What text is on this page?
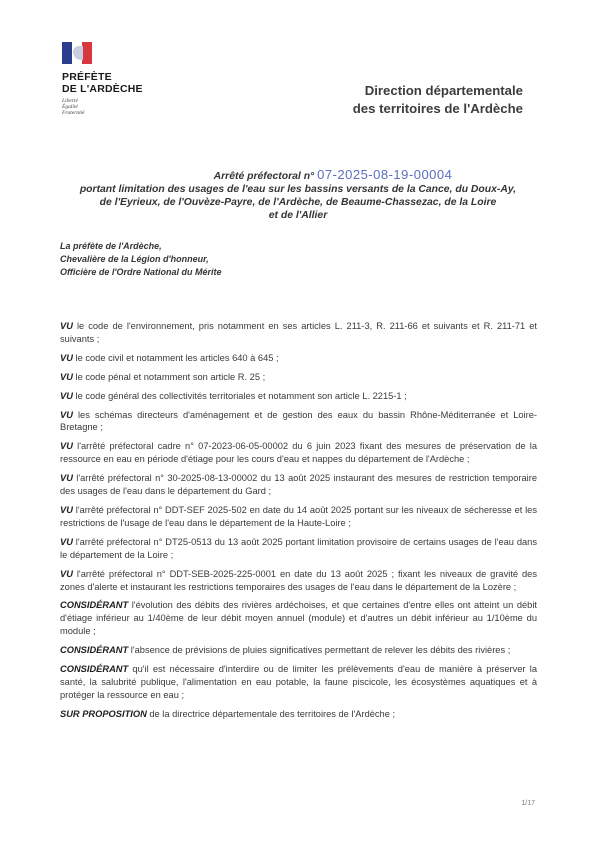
PRÉFÈTE
DE L'ARDÈCHE
Liberté
Égalité
Fraternité
Direction départementale
des territoires de l'Ardèche
Arrêté préfectoral n° 07-2025-08-19-00004
portant limitation des usages de l'eau sur les bassins versants de la Cance, du Doux-Ay,
de l'Eyrieux, de l'Ouvèze-Payre, de l'Ardèche, de Beaume-Chassezac, de la Loire
et de l'Allier
La préfète de l'Ardèche,
Chevalière de la Légion d'honneur,
Officière de l'Ordre National du Mérite

VU le code de l'environnement, pris notamment en ses articles L. 211-3, R. 211-66 et suivants et R. 211-71 et suivants ;

VU le code civil et notamment les articles 640 à 645 ;

VU le code pénal et notamment son article R. 25 ;

VU le code général des collectivités territoriales et notamment son article L. 2215-1 ;

VU les schémas directeurs d'aménagement et de gestion des eaux du bassin Rhône-Méditerranée et Loire-Bretagne ;

VU l'arrêté préfectoral cadre n° 07-2023-06-05-00002 du 6 juin 2023 fixant des mesures de préservation de la ressource en eau en période d'étiage pour les cours d'eau et nappes du département de l'Ardèche ;

VU l'arrêté préfectoral n° 30-2025-08-13-00002 du 13 août 2025 instaurant des mesures de restriction temporaire des usages de l'eau dans le département du Gard ;

VU l'arrêté préfectoral n° DDT-SEF 2025-502 en date du 14 août 2025 portant sur les niveaux de sécheresse et les restrictions de l'usage de l'eau dans le département de la Haute-Loire ;

VU l'arrêté préfectoral n° DT25-0513 du 13 août 2025 portant limitation provisoire de certains usages de l'eau dans le département de la Loire ;

VU l'arrêté préfectoral n° DDT-SEB-2025-225-0001 en date du 13 août 2025 ; fixant les niveaux de gravité des zones d'alerte et instaurant les restrictions temporaires des usages de l'eau dans le département de la Lozère ;

CONSIDÉRANT l'évolution des débits des rivières ardéchoises, et que certaines d'entre elles ont atteint un débit d'étiage inférieur au 1/40ème de leur débit moyen annuel (module) et d'autres un débit inférieur au 1/10ème du module ;

CONSIDÉRANT l'absence de prévisions de pluies significatives permettant de relever les débits des rivières ;

CONSIDÉRANT qu'il est nécessaire d'interdire ou de limiter les prélèvements d'eau de manière à préserver la santé, la salubrité publique, l'alimentation en eau potable, la faune piscicole, les écosystèmes aquatiques et à protéger la ressource en eau ;

SUR PROPOSITION de la directrice départementale des territoires de l'Ardèche ;

1/17
